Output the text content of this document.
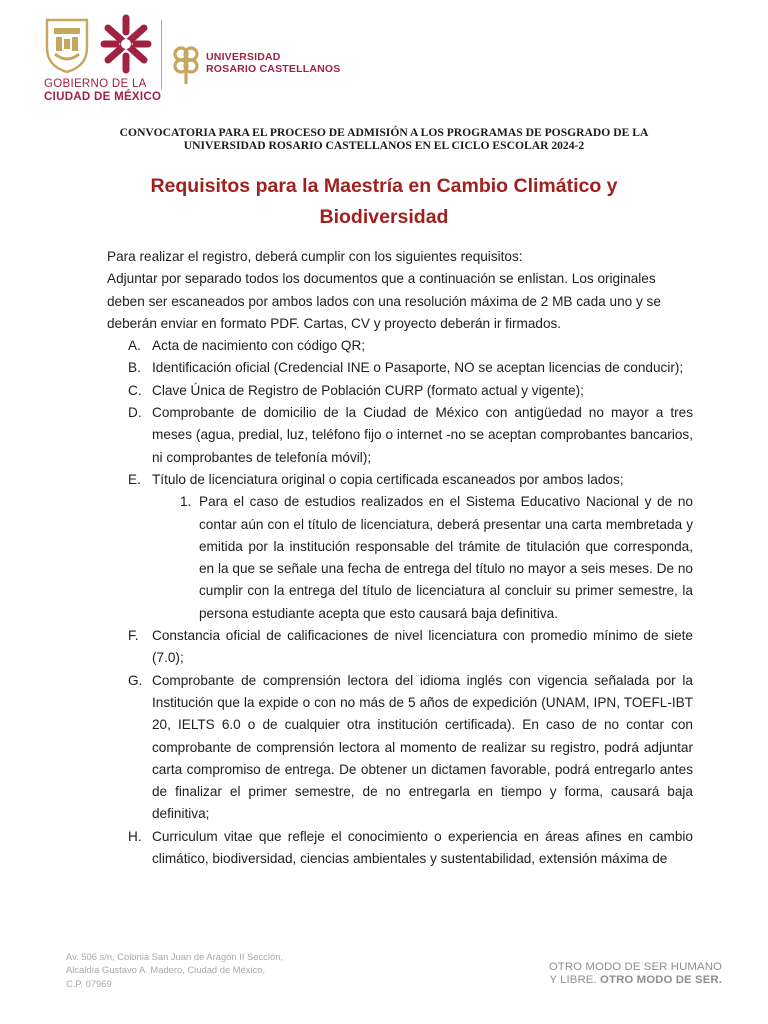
GOBIERNO DE LA
CIUDAD DE MÉXICO
UNIVERSIDAD
ROSARIO CASTELLANOS
CONVOCATORIA PARA EL PROCESO DE ADMISIÓN A LOS PROGRAMAS DE POSGRADO DE LA
UNIVERSIDAD ROSARIO CASTELLANOS EN EL CICLO ESCOLAR 2024-2
Requisitos para la Maestría en Cambio Climático y
Biodiversidad

Para realizar el registro, deberá cumplir con los siguientes requisitos:

Adjuntar por separado todos los documentos que a continuación se enlistan. Los originales deben ser escaneados por ambos lados con una resolución máxima de 2 MB cada uno y se deberán enviar en formato PDF. Cartas, CV y proyecto deberán ir firmados.

A. Acta de nacimiento con código QR;
B. Identificación oficial (Credencial INE o Pasaporte, NO se aceptan licencias de conducir);
C. Clave Única de Registro de Población CURP (formato actual y vigente);
D. Comprobante de domicilio de la Ciudad de México con antigüedad no mayor a tres meses (agua, predial, luz, teléfono fijo o internet -no se aceptan comprobantes bancarios, ni comprobantes de telefonía móvil);
E. Título de licenciatura original o copia certificada escaneados por ambos lados;
1. Para el caso de estudios realizados en el Sistema Educativo Nacional y de no contar aún con el título de licenciatura, deberá presentar una carta membretada y emitida por la institución responsable del trámite de titulación que corresponda, en la que se señale una fecha de entrega del título no mayor a seis meses. De no cumplir con la entrega del título de licenciatura al concluir su primer semestre, la persona estudiante acepta que esto causará baja definitiva.
F. Constancia oficial de calificaciones de nivel licenciatura con promedio mínimo de siete (7.0);
G. Comprobante de comprensión lectora del idioma inglés con vigencia señalada por la Institución que la expide o con no más de 5 años de expedición (UNAM, IPN, TOEFL-IBT 20, IELTS 6.0 o de cualquier otra institución certificada). En caso de no contar con comprobante de comprensión lectora al momento de realizar su registro, podrá adjuntar carta compromiso de entrega. De obtener un dictamen favorable, podrá entregarlo antes de finalizar el primer semestre, de no entregarla en tiempo y forma, causará baja definitiva;
H. Curriculum vitae que refleje el conocimiento o experiencia en áreas afines en cambio climático, biodiversidad, ciencias ambientales y sustentabilidad, extensión máxima de
Av. 506 s/n, Colonia San Juan de Aragón II Sección,
Alcaldía Gustavo A. Madero, Ciudad de México,
C.P. 07969
OTRO MODO DE SER HUMANO
Y LIBRE. OTRO MODO DE SER.
